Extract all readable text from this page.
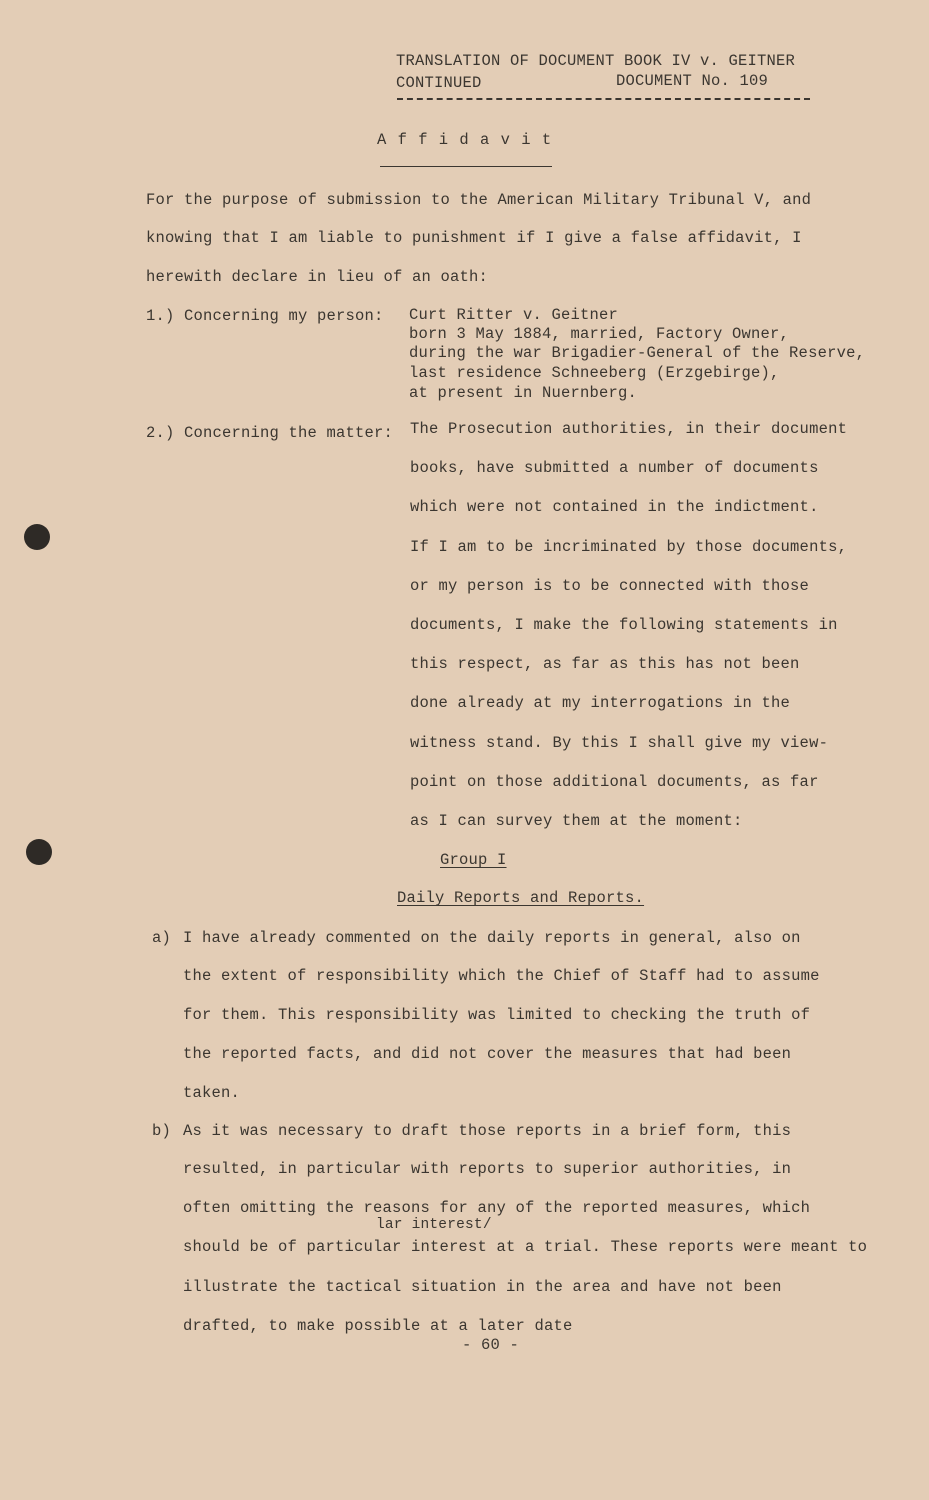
TRANSLATION OF DOCUMENT BOOK IV v. GEITNER
CONTINUED	DOCUMENT No. 109
A f f i d a v i t
For the purpose of submission to the American Military Tribunal V, and
knowing that I am liable to punishment if I give a false affidavit, I
herewith declare in lieu of an oath:
1.) Concerning my person: Curt Ritter v. Geitner
born 3 May 1884, married, Factory Owner,
during the war Brigadier-General of the Reserve,
last residence Schneeberg (Erzgebirge),
at present in Nuernberg.
2.) Concerning the matter: The Prosecution authorities, in their document
books, have submitted a number of documents
which were not contained in the indictment.
If I am to be incriminated by those documents,
or my person is to be connected with those
documents, I make the following statements in
this respect, as far as this has not been
done already at my interrogations in the
witness stand. By this I shall give my view-
point on those additional documents, as far
as I can survey them at the moment:
Group I
Daily Reports and Reports.
a) I have already commented on the daily reports in general, also on
the extent of responsibility which the Chief of Staff had to assume
for them. This responsibility was limited to checking the truth of
the reported facts, and did not cover the measures that had been
taken.
b) As it was necessary to draft those reports in a brief form, this
resulted, in particular with reports to superior authorities, in
often omitting the reasons for any of the reported measures, which
lar interest/
should be of particular interest at a trial. These reports were meant to
illustrate the tactical situation in the area and have not been
drafted, to make possible at a later date
- 60 -
